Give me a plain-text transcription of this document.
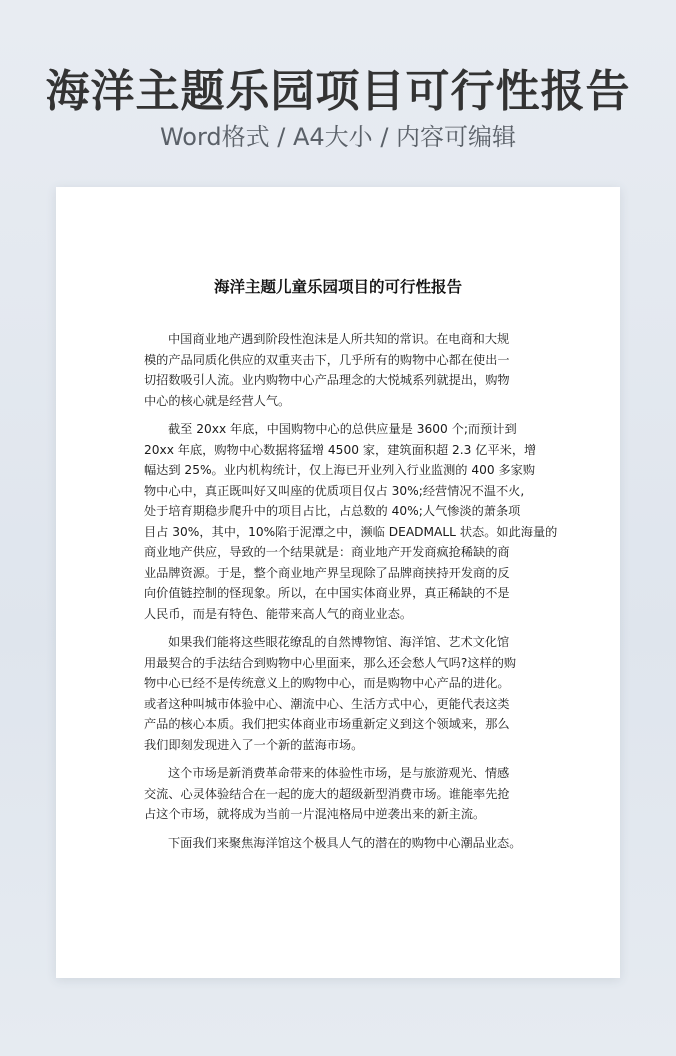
海洋主题乐园项目可行性报告
Word格式 / A4大小 / 内容可编辑
海洋主题儿童乐园项目的可行性报告
中国商业地产遇到阶段性泡沫是人所共知的常识。在电商和大规
模的产品同质化供应的双重夹击下，几乎所有的购物中心都在使出一
切招数吸引人流。业内购物中心产品理念的大悦城系列就提出，购物
中心的核心就是经营人气。
截至 20xx 年底，中国购物中心的总供应量是 3600 个;而预计到
20xx 年底，购物中心数据将猛增 4500 家，建筑面积超 2.3 亿平米，增
幅达到 25%。业内机构统计，仅上海已开业列入行业监测的 400 多家购
物中心中，真正既叫好又叫座的优质项目仅占 30%;经营情况不温不火,
处于培育期稳步爬升中的项目占比，占总数的 40%;人气惨淡的萧条项
目占 30%，其中，10%陷于泥潭之中，濒临 DEADMALL 状态。如此海量的
商业地产供应，导致的一个结果就是：商业地产开发商疯抢稀缺的商
业品牌资源。于是，整个商业地产界呈现除了品牌商挟持开发商的反
向价值链控制的怪现象。所以，在中国实体商业界，真正稀缺的不是
人民币，而是有特色、能带来高人气的商业业态。
如果我们能将这些眼花缭乱的自然博物馆、海洋馆、艺术文化馆
用最契合的手法结合到购物中心里面来，那么还会愁人气吗?这样的购
物中心已经不是传统意义上的购物中心，而是购物中心产品的进化。
或者这种叫城市体验中心、潮流中心、生活方式中心，更能代表这类
产品的核心本质。我们把实体商业市场重新定义到这个领域来，那么
我们即刻发现进入了一个新的蓝海市场。
这个市场是新消费革命带来的体验性市场，是与旅游观光、情感
交流、心灵体验结合在一起的庞大的超级新型消费市场。谁能率先抢
占这个市场，就将成为当前一片混沌格局中逆袭出来的新主流。
下面我们来聚焦海洋馆这个极具人气的潜在的购物中心潮品业态。
